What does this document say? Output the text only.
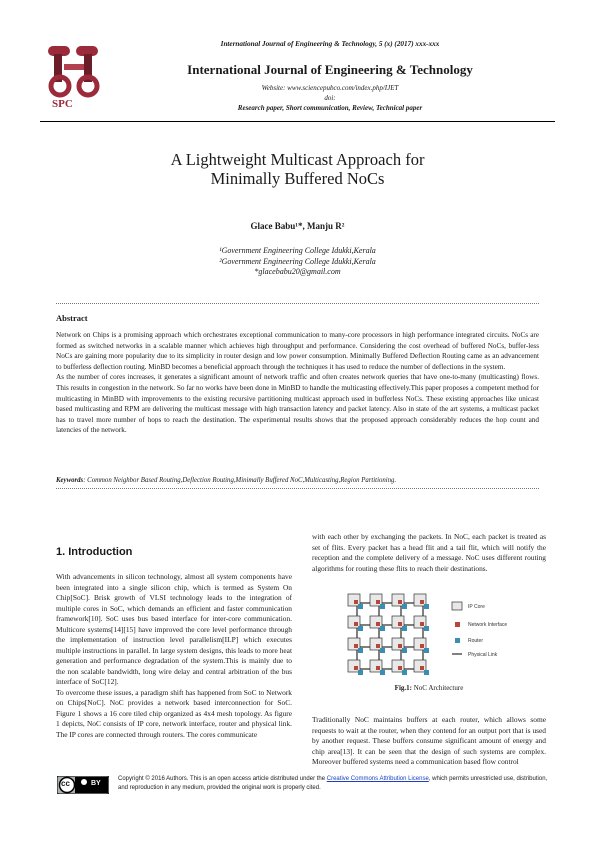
SPC
International Journal of Engineering & Technology, 5 (x) (2017) xxx-xxx
International Journal of Engineering & Technology
Website: www.sciencepubco.com/index.php/IJET
doi:
Research paper, Short communication, Review, Technical paper
A Lightweight Multicast Approach for Minimally Buffered NoCs
Glace Babu¹*, Manju R²
¹Government Engineering College Idukki,Kerala
²Government Engineering College Idukki,Kerala
*glacebabu20@gmail.com
Abstract
Network on Chips is a promising approach which orchestrates exceptional communication to many-core processors in high performance integrated circuits. NoCs are formed as switched networks in a scalable manner which achieves high throughput and performance. Considering the cost overhead of buffered NoCs, buffer-less NoCs are gaining more popularity due to its simplicity in router design and low power consumption. Minimally Buffered Deflection Routing came as an advancement to bufferless deflection routing. MinBD becomes a beneficial approach through the techniques it has used to reduce the number of deflections in the system.
As the number of cores increases, it generates a significant amount of network traffic and often creates network queries that have one-to-many (multicasting) flows. This results in congestion in the network. So far no works have been done in MinBD to handle the multicasting effectively.This paper proposes a competent method for multicasting in MinBD with improvements to the existing recursive partitioning multicast approach used in bufferless NoCs. These existing approaches like unicast based multicasting and RPM are delivering the multicast message with high transaction latency and packet latency. Also in state of the art systems, a multicast packet has to travel more number of hops to reach the destination. The experimental results shows that the proposed approach considerably reduces the hop count and latencies of the network.
Keywords: Common Neighbor Based Routing,Deflection Routing,Minimally Buffered NoC,Multicasting,Region Partitioning.
1. Introduction
With advancements in silicon technology, almost all system components have been integrated into a single silicon chip, which is termed as System On Chip[SoC]. Brisk growth of VLSI technology leads to the integration of multiple cores in SoC, which demands an efficient and faster communication framework[10]. SoC uses bus based interface for inter-core communication. Multicore systems[14][15] have improved the core level performance through the implementation of instruction level parallelism[ILP] which executes multiple instructions in parallel. In large system designs, this leads to more heat generation and performance degradation of the system.This is mainly due to the non scalable bandwidth, long wire delay and central arbitration of the bus interface of SoC[12].
To overcome these issues, a paradigm shift has happened from SoC to Network on Chips[NoC]. NoC provides a network based interconnection for SoC. Figure 1 shows a 16 core tiled chip organized as 4x4 mesh topology. As figure 1 depicts, NoC consists of IP core, network interface, router and physical link. The IP cores are connected through routers. The cores communicate
with each other by exchanging the packets. In NoC, each packet is treated as set of flits. Every packet has a head flit and a tail flit, which will notify the reception and the complete delivery of a message. NoC uses different routing algorithms for routing these flits to reach their destinations.
IP Core
Network Interface
Router
Physical Link
Fig.1: NoC Architecture
Traditionally NoC maintains buffers at each router, which allows some requests to wait at the router, when they contend for an output port that is used by another request. These buffers consume significant amount of energy and chip area[13]. It can be seen that the design of such systems are complex. Moreover buffered systems need a communication based flow control
cc	BY
Copyright © 2016 Authors. This is an open access article distributed under the Creative Commons Attribution License, which permits unrestricted use, distribution, and reproduction in any medium, provided the original work is properly cited.
